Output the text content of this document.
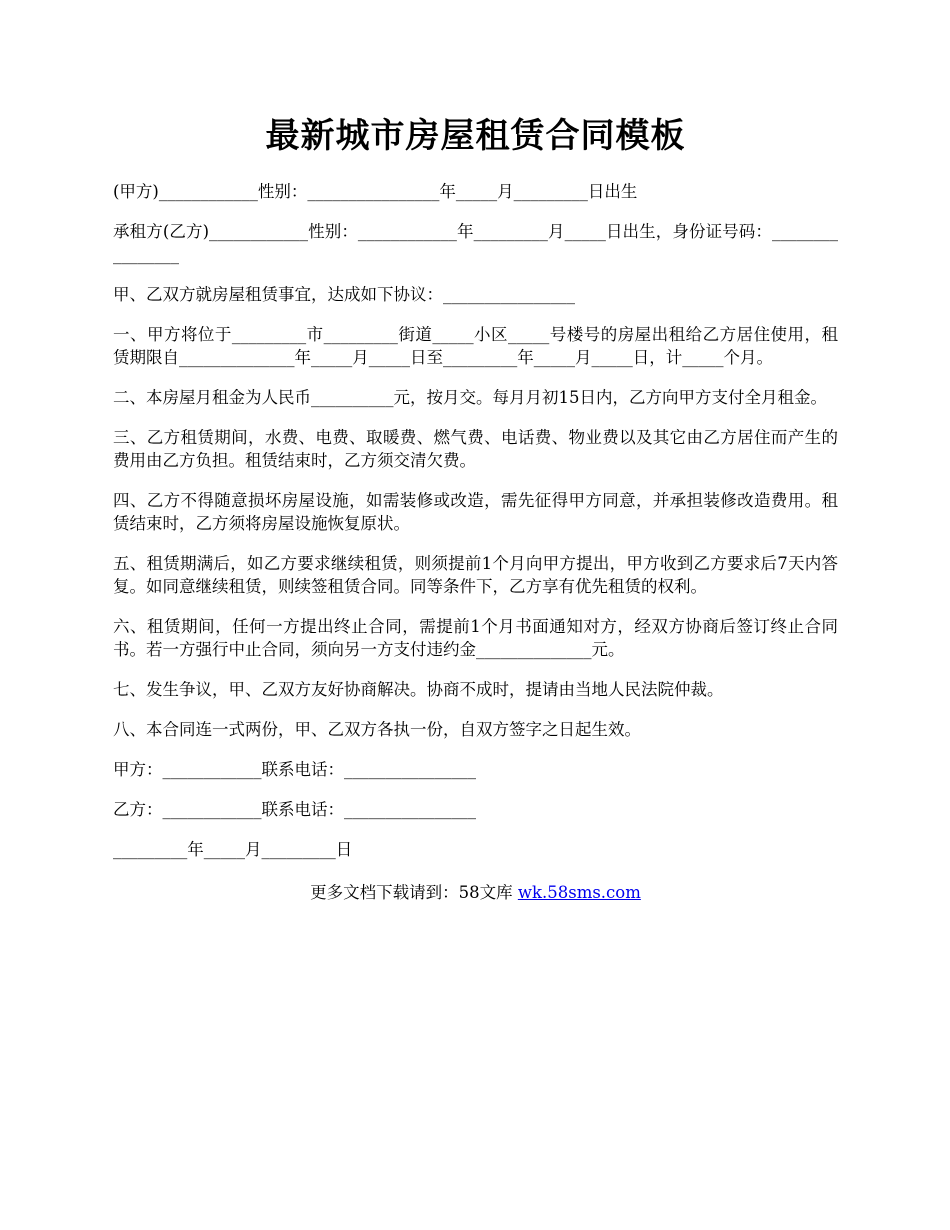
最新城市房屋租赁合同模板

(甲方)____________性别：________________年_____月_________日出生

承租方(乙方)____________性别：____________年_________月_____日出生，身份证号码：________________

甲、乙双方就房屋租赁事宜，达成如下协议：________________

一、甲方将位于_________市_________街道_____小区_____号楼号的房屋出租给乙方居住使用，租赁期限自______________年_____月_____日至_________年_____月_____日，计_____个月。

二、本房屋月租金为人民币__________元，按月交。每月月初15日内，乙方向甲方支付全月租金。

三、乙方租赁期间，水费、电费、取暖费、燃气费、电话费、物业费以及其它由乙方居住而产生的费用由乙方负担。租赁结束时，乙方须交清欠费。

四、乙方不得随意损坏房屋设施，如需装修或改造，需先征得甲方同意，并承担装修改造费用。租赁结束时，乙方须将房屋设施恢复原状。

五、租赁期满后，如乙方要求继续租赁，则须提前1个月向甲方提出，甲方收到乙方要求后7天内答复。如同意继续租赁，则续签租赁合同。同等条件下，乙方享有优先租赁的权利。

六、租赁期间，任何一方提出终止合同，需提前1个月书面通知对方，经双方协商后签订终止合同书。若一方强行中止合同，须向另一方支付违约金______________元。

七、发生争议，甲、乙双方友好协商解决。协商不成时，提请由当地人民法院仲裁。

八、本合同连一式两份，甲、乙双方各执一份，自双方签字之日起生效。

甲方：____________联系电话：________________

乙方：____________联系电话：________________

_________年_____月_________日

更多文档下载请到：58文库 wk.58sms.com
